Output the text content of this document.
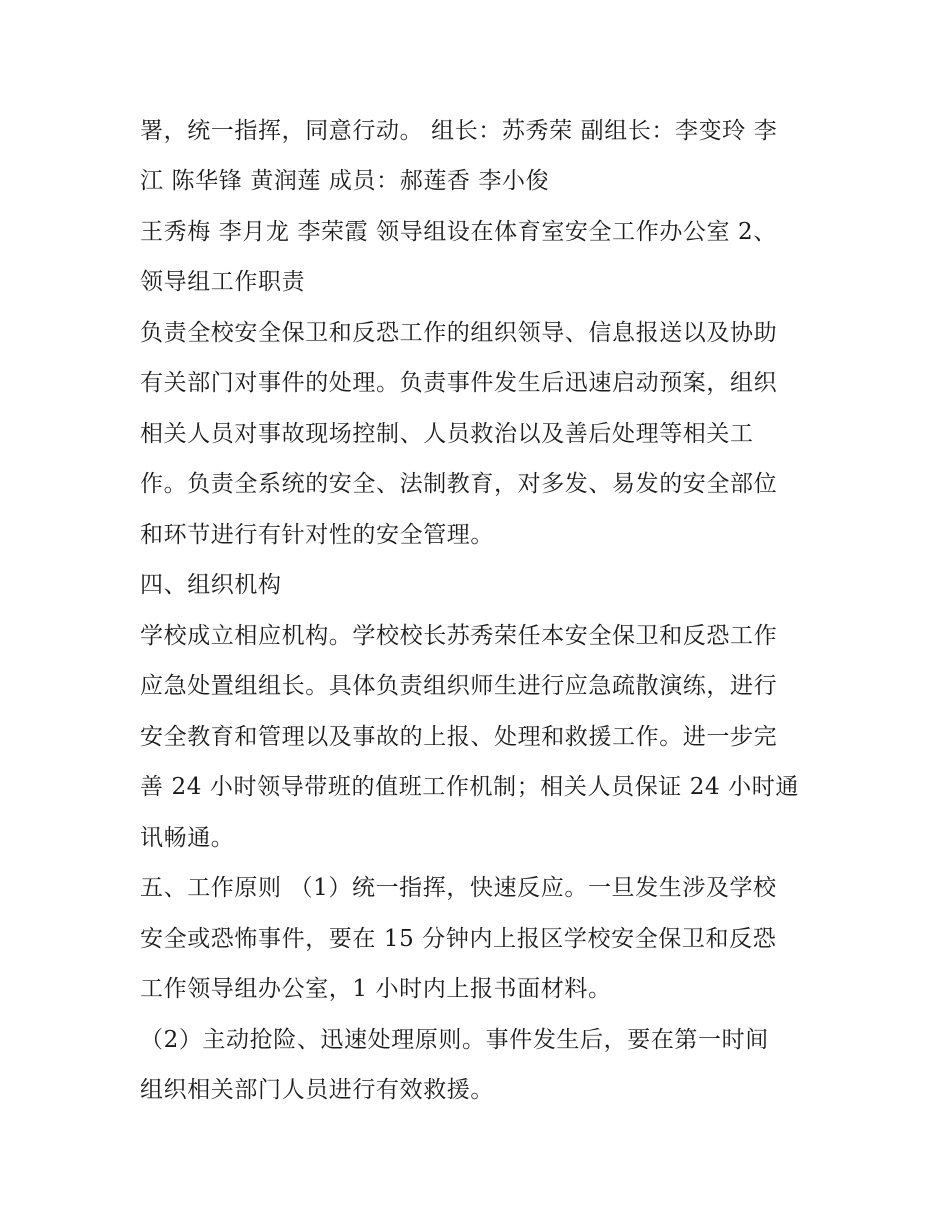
署，统一指挥，同意行动。 组长：苏秀荣 副组长：李变玲 李
江 陈华锋 黄润莲 成员：郝莲香 李小俊
王秀梅 李月龙 李荣霞 领导组设在体育室安全工作办公室 2、
领导组工作职责
负责全校安全保卫和反恐工作的组织领导、信息报送以及协助
有关部门对事件的处理。负责事件发生后迅速启动预案，组织
相关人员对事故现场控制、人员救治以及善后处理等相关工
作。负责全系统的安全、法制教育，对多发、易发的安全部位
和环节进行有针对性的安全管理。
四、组织机构
学校成立相应机构。学校校长苏秀荣任本安全保卫和反恐工作
应急处置组组长。具体负责组织师生进行应急疏散演练，进行
安全教育和管理以及事故的上报、处理和救援工作。进一步完
善 24 小时领导带班的值班工作机制；相关人员保证 24 小时通
讯畅通。
五、工作原则 （1）统一指挥，快速反应。一旦发生涉及学校
安全或恐怖事件，要在 15 分钟内上报区学校安全保卫和反恐
工作领导组办公室，1 小时内上报书面材料。
（2）主动抢险、迅速处理原则。事件发生后，要在第一时间
组织相关部门人员进行有效救援。
